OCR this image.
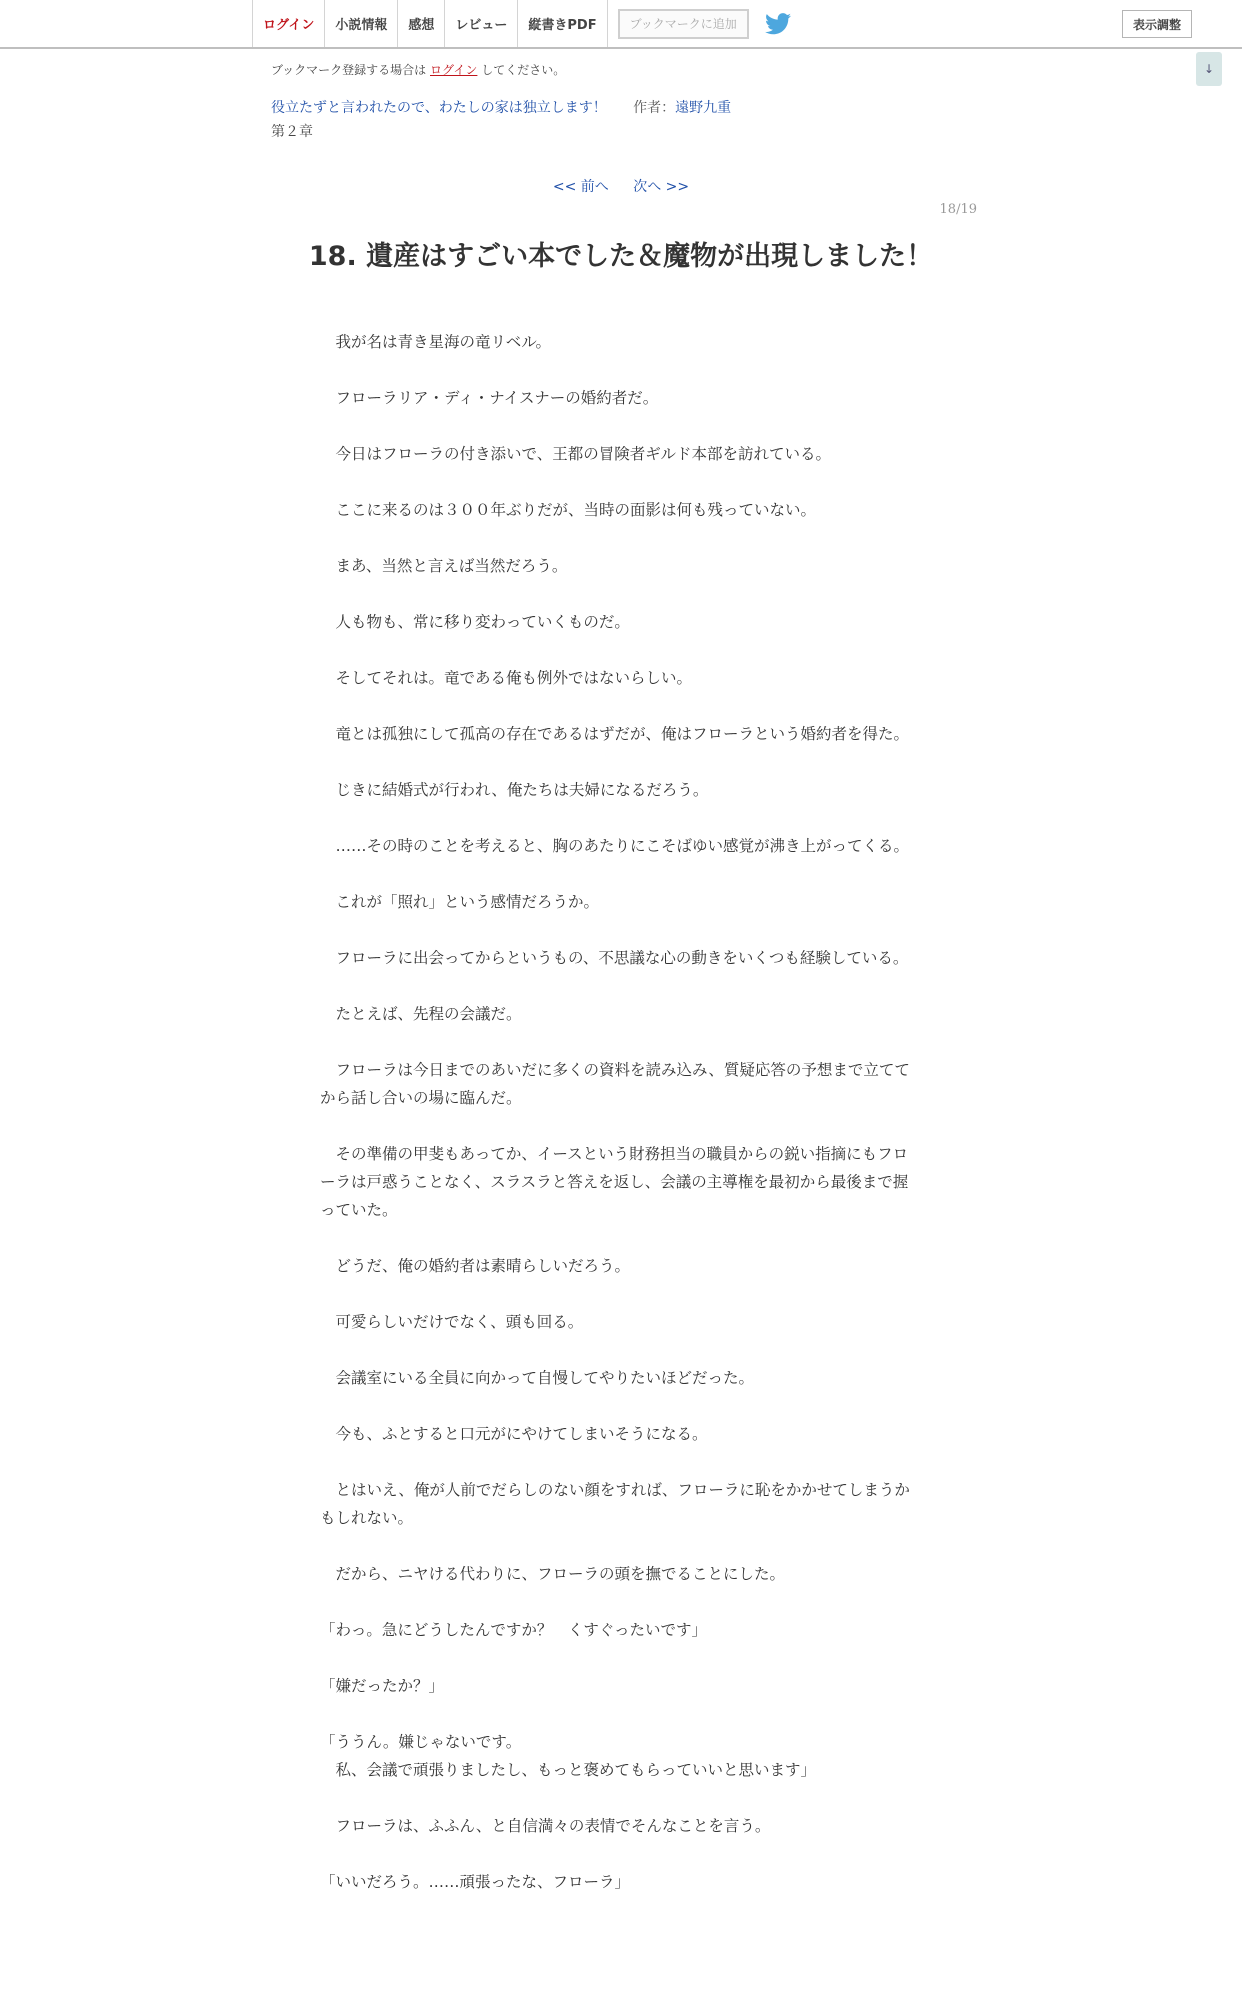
ログイン	小説情報	感想	レビュー	縦書きPDF	ブックマークに追加	表示調整
↓
ブックマーク登録する場合は ログイン してください。
役立たずと言われたので、わたしの家は独立します！ 作者：遠野九重
第２章
<< 前へ 次へ >>
18/19
18. 遺産はすごい本でした＆魔物が出現しました！

　我が名は青き星海の竜リベル。

　フローラリア・ディ・ナイスナーの婚約者だ。

　今日はフローラの付き添いで、王都の冒険者ギルド本部を訪れている。

　ここに来るのは３００年ぶりだが、当時の面影は何も残っていない。

　まあ、当然と言えば当然だろう。

　人も物も、常に移り変わっていくものだ。

　そしてそれは。竜である俺も例外ではないらしい。

　竜とは孤独にして孤高の存在であるはずだが、俺はフローラという婚約者を得た。

　じきに結婚式が行われ、俺たちは夫婦になるだろう。

　……その時のことを考えると、胸のあたりにこそばゆい感覚が沸き上がってくる。

　これが「照れ」という感情だろうか。

　フローラに出会ってからというもの、不思議な心の動きをいくつも経験している。

　たとえば、先程の会議だ。

　フローラは今日までのあいだに多くの資料を読み込み、質疑応答の予想まで立ててから話し合いの場に臨んだ。

　その準備の甲斐もあってか、イースという財務担当の職員からの鋭い指摘にもフローラは戸惑うことなく、スラスラと答えを返し、会議の主導権を最初から最後まで握っていた。

　どうだ、俺の婚約者は素晴らしいだろう。

　可愛らしいだけでなく、頭も回る。

　会議室にいる全員に向かって自慢してやりたいほどだった。

　今も、ふとすると口元がにやけてしまいそうになる。

　とはいえ、俺が人前でだらしのない顔をすれば、フローラに恥をかかせてしまうかもしれない。

　だから、ニヤける代わりに、フローラの頭を撫でることにした。

「わっ。急にどうしたんですか？　くすぐったいです」

「嫌だったか？」

「ううん。嫌じゃないです。
　私、会議で頑張りましたし、もっと褒めてもらっていいと思います」

　フローラは、ふふん、と自信満々の表情でそんなことを言う。

「いいだろう。……頑張ったな、フローラ」
